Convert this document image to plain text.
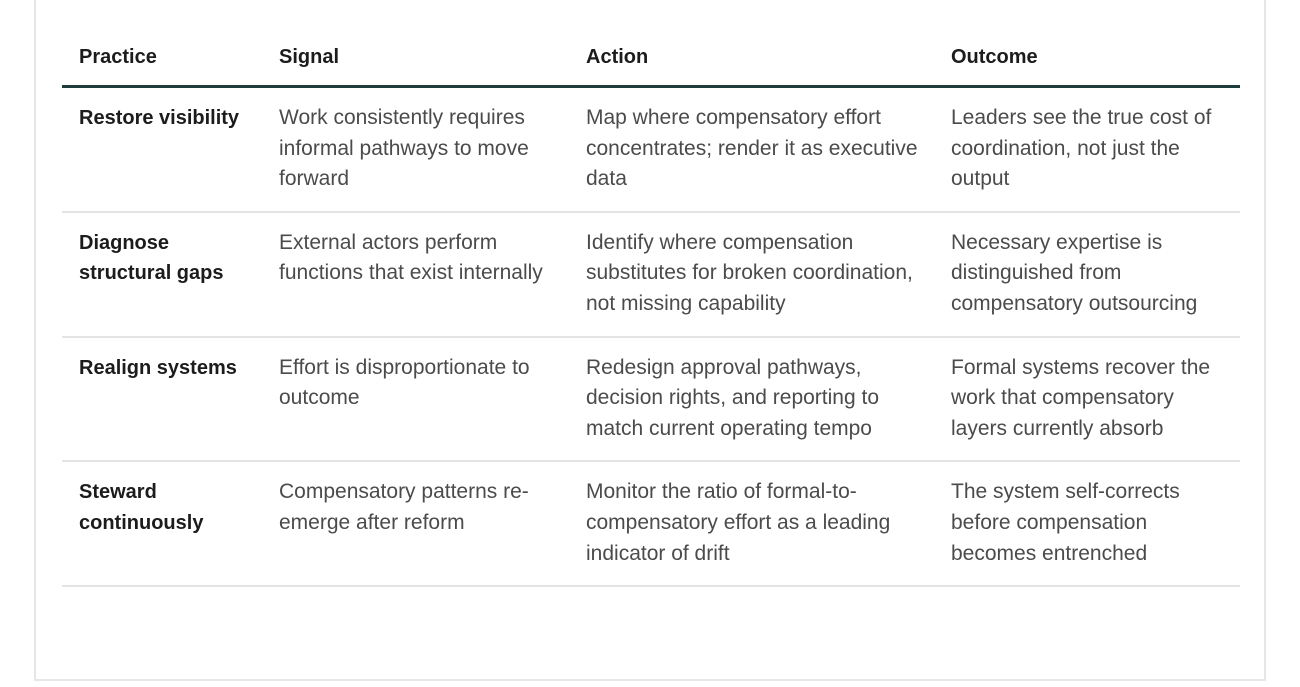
Practice	Signal	Action	Outcome
Restore visibility	Work consistently requires informal pathways to move forward	Map where compensatory effort concentrates; render it as executive data	Leaders see the true cost of coordination, not just the output
Diagnose structural gaps	External actors perform functions that exist internally	Identify where compensation substitutes for broken coordination, not missing capability	Necessary expertise is distinguished from compensatory outsourcing
Realign systems	Effort is disproportionate to outcome	Redesign approval pathways, decision rights, and reporting to match current operating tempo	Formal systems recover the work that compensatory layers currently absorb
Steward continuously	Compensatory patterns re-emerge after reform	Monitor the ratio of formal-to-compensatory effort as a leading indicator of drift	The system self-corrects before compensation becomes entrenched
